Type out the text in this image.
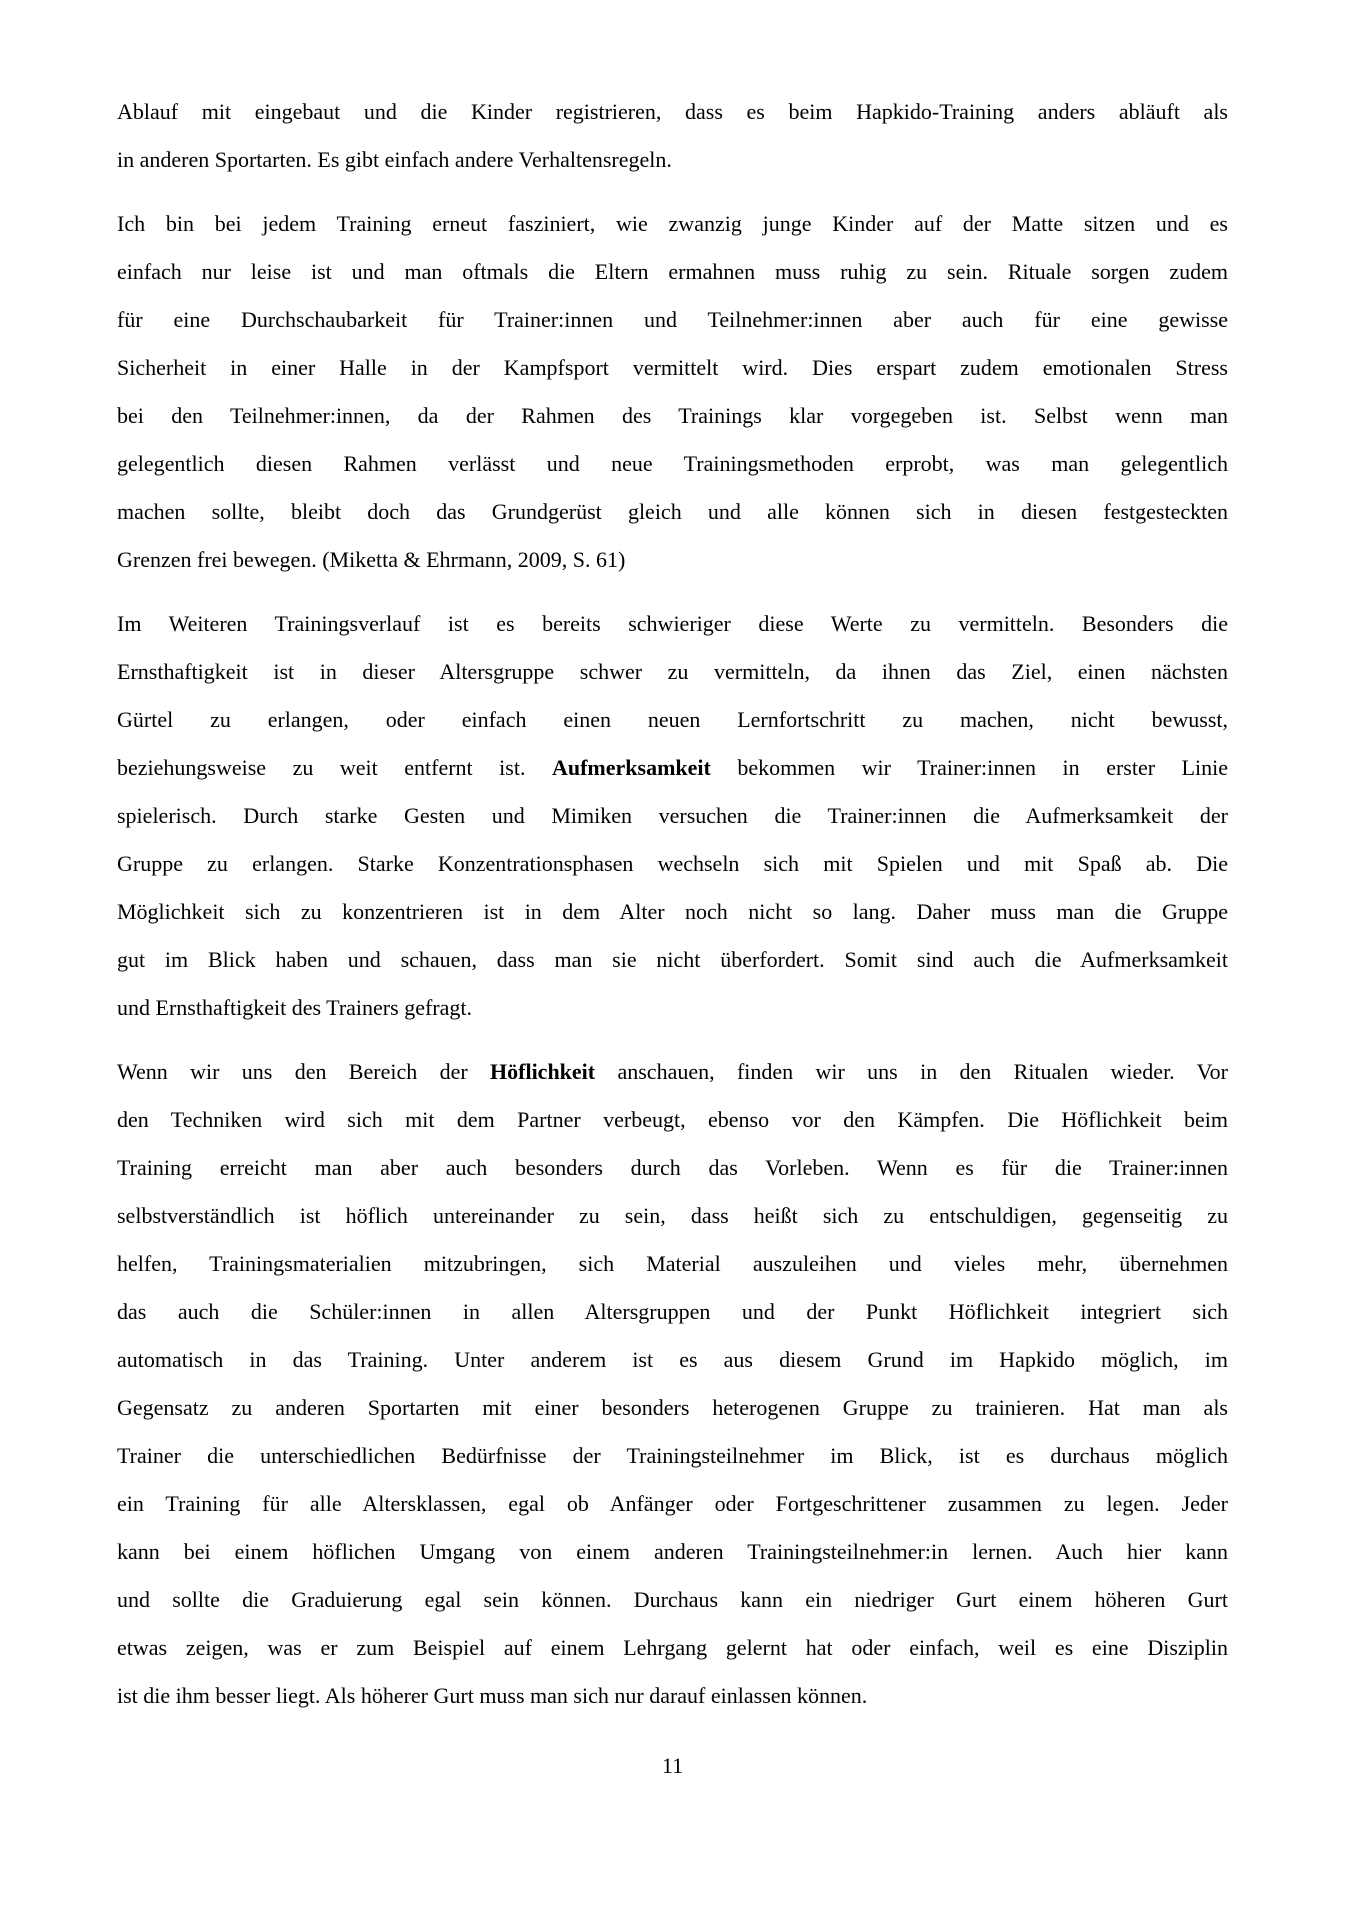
Ablauf mit eingebaut und die Kinder registrieren, dass es beim Hapkido-Training anders abläuft als
in anderen Sportarten. Es gibt einfach andere Verhaltensregeln.
Ich bin bei jedem Training erneut fasziniert, wie zwanzig junge Kinder auf der Matte sitzen und es
einfach nur leise ist und man oftmals die Eltern ermahnen muss ruhig zu sein. Rituale sorgen zudem
für eine Durchschaubarkeit für Trainer:innen und Teilnehmer:innen aber auch für eine gewisse
Sicherheit in einer Halle in der Kampfsport vermittelt wird. Dies erspart zudem emotionalen Stress
bei den Teilnehmer:innen, da der Rahmen des Trainings klar vorgegeben ist. Selbst wenn man
gelegentlich diesen Rahmen verlässt und neue Trainingsmethoden erprobt, was man gelegentlich
machen sollte, bleibt doch das Grundgerüst gleich und alle können sich in diesen festgesteckten
Grenzen frei bewegen. (Miketta & Ehrmann, 2009, S. 61)
Im Weiteren Trainingsverlauf ist es bereits schwieriger diese Werte zu vermitteln. Besonders die
Ernsthaftigkeit ist in dieser Altersgruppe schwer zu vermitteln, da ihnen das Ziel, einen nächsten
Gürtel zu erlangen, oder einfach einen neuen Lernfortschritt zu machen, nicht bewusst,
beziehungsweise zu weit entfernt ist. Aufmerksamkeit bekommen wir Trainer:innen in erster Linie
spielerisch. Durch starke Gesten und Mimiken versuchen die Trainer:innen die Aufmerksamkeit der
Gruppe zu erlangen. Starke Konzentrationsphasen wechseln sich mit Spielen und mit Spaß ab. Die
Möglichkeit sich zu konzentrieren ist in dem Alter noch nicht so lang. Daher muss man die Gruppe
gut im Blick haben und schauen, dass man sie nicht überfordert. Somit sind auch die Aufmerksamkeit
und Ernsthaftigkeit des Trainers gefragt.
Wenn wir uns den Bereich der Höflichkeit anschauen, finden wir uns in den Ritualen wieder. Vor
den Techniken wird sich mit dem Partner verbeugt, ebenso vor den Kämpfen. Die Höflichkeit beim
Training erreicht man aber auch besonders durch das Vorleben. Wenn es für die Trainer:innen
selbstverständlich ist höflich untereinander zu sein, dass heißt sich zu entschuldigen, gegenseitig zu
helfen, Trainingsmaterialien mitzubringen, sich Material auszuleihen und vieles mehr, übernehmen
das auch die Schüler:innen in allen Altersgruppen und der Punkt Höflichkeit integriert sich
automatisch in das Training. Unter anderem ist es aus diesem Grund im Hapkido möglich, im
Gegensatz zu anderen Sportarten mit einer besonders heterogenen Gruppe zu trainieren. Hat man als
Trainer die unterschiedlichen Bedürfnisse der Trainingsteilnehmer im Blick, ist es durchaus möglich
ein Training für alle Altersklassen, egal ob Anfänger oder Fortgeschrittener zusammen zu legen. Jeder
kann bei einem höflichen Umgang von einem anderen Trainingsteilnehmer:in lernen. Auch hier kann
und sollte die Graduierung egal sein können. Durchaus kann ein niedriger Gurt einem höheren Gurt
etwas zeigen, was er zum Beispiel auf einem Lehrgang gelernt hat oder einfach, weil es eine Disziplin
ist die ihm besser liegt. Als höherer Gurt muss man sich nur darauf einlassen können.
11
